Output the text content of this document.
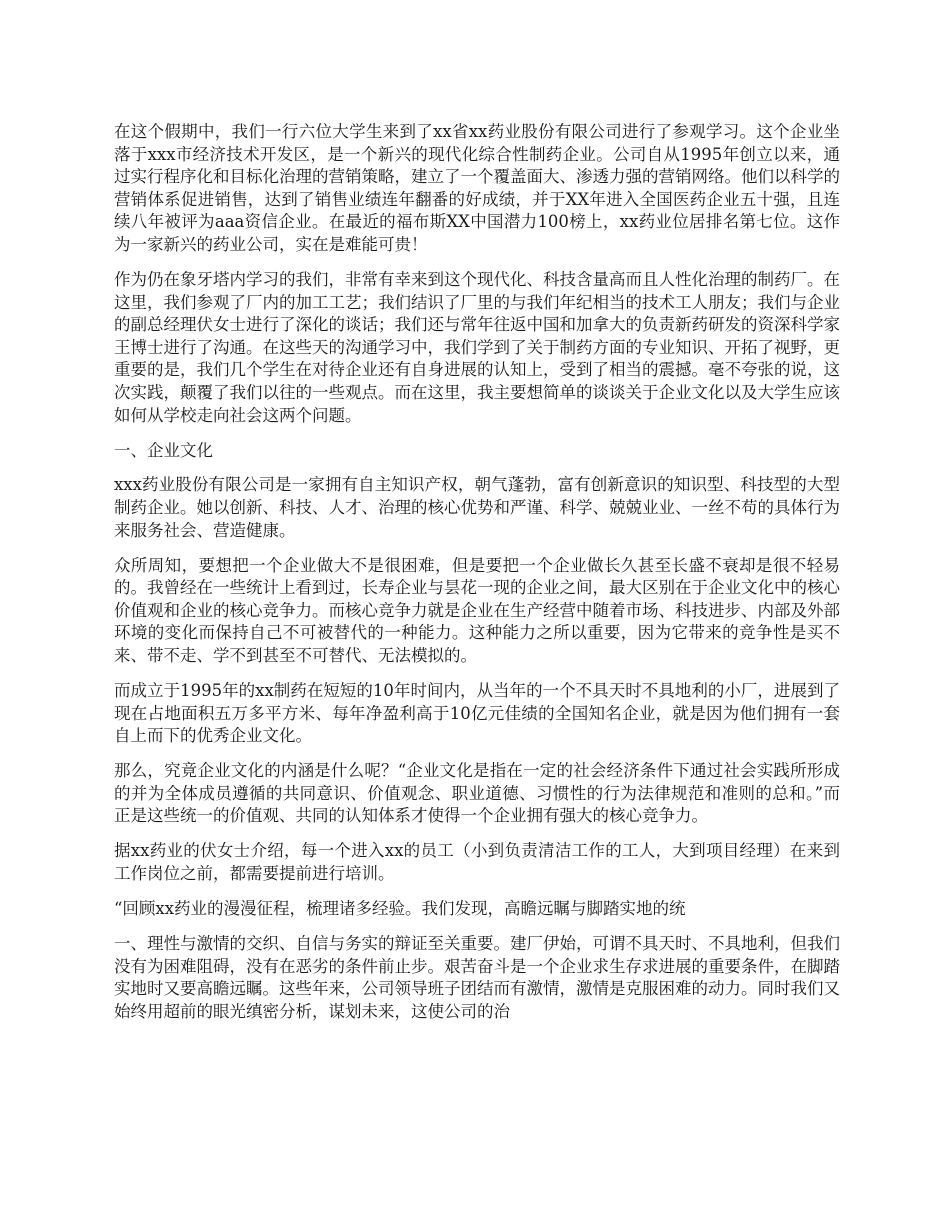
在这个假期中，我们一行六位大学生来到了xx省xx药业股份有限公司进行了参观学习。这个企业坐落于xxx市经济技术开发区，是一个新兴的现代化综合性制药企业。公司自从1995年创立以来，通过实行程序化和目标化治理的营销策略，建立了一个覆盖面大、渗透力强的营销网络。他们以科学的营销体系促进销售，达到了销售业绩连年翻番的好成绩，并于XX年进入全国医药企业五十强，且连续八年被评为aaa资信企业。在最近的福布斯XX中国潜力100榜上，xx药业位居排名第七位。这作为一家新兴的药业公司，实在是难能可贵！

作为仍在象牙塔内学习的我们，非常有幸来到这个现代化、科技含量高而且人性化治理的制药厂。在这里，我们参观了厂内的加工工艺；我们结识了厂里的与我们年纪相当的技术工人朋友；我们与企业的副总经理伏女士进行了深化的谈话；我们还与常年往返中国和加拿大的负责新药研发的资深科学家王博士进行了沟通。在这些天的沟通学习中，我们学到了关于制药方面的专业知识、开拓了视野，更重要的是，我们几个学生在对待企业还有自身进展的认知上，受到了相当的震撼。毫不夸张的说，这次实践，颠覆了我们以往的一些观点。而在这里，我主要想简单的谈谈关于企业文化以及大学生应该如何从学校走向社会这两个问题。

一、企业文化

xxx药业股份有限公司是一家拥有自主知识产权，朝气蓬勃，富有创新意识的知识型、科技型的大型制药企业。她以创新、科技、人才、治理的核心优势和严谨、科学、兢兢业业、一丝不苟的具体行为来服务社会、营造健康。

众所周知，要想把一个企业做大不是很困难，但是要把一个企业做长久甚至长盛不衰却是很不轻易的。我曾经在一些统计上看到过，长寿企业与昙花一现的企业之间，最大区别在于企业文化中的核心价值观和企业的核心竞争力。而核心竞争力就是企业在生产经营中随着市场、科技进步、内部及外部环境的变化而保持自己不可被替代的一种能力。这种能力之所以重要，因为它带来的竞争性是买不来、带不走、学不到甚至不可替代、无法模拟的。

而成立于1995年的xx制药在短短的10年时间内，从当年的一个不具天时不具地利的小厂，进展到了现在占地面积五万多平方米、每年净盈利高于10亿元佳绩的全国知名企业，就是因为他们拥有一套自上而下的优秀企业文化。

那么，究竟企业文化的内涵是什么呢？“企业文化是指在一定的社会经济条件下通过社会实践所形成的并为全体成员遵循的共同意识、价值观念、职业道德、习惯性的行为法律规范和准则的总和。”而正是这些统一的价值观、共同的认知体系才使得一个企业拥有强大的核心竞争力。

据xx药业的伏女士介绍，每一个进入xx的员工（小到负责清洁工作的工人，大到项目经理）在来到工作岗位之前，都需要提前进行培训。

“回顾xx药业的漫漫征程，梳理诸多经验。我们发现，高瞻远瞩与脚踏实地的统

一、理性与激情的交织、自信与务实的辩证至关重要。建厂伊始，可谓不具天时、不具地利，但我们没有为困难阻碍，没有在恶劣的条件前止步。艰苦奋斗是一个企业求生存求进展的重要条件，在脚踏实地时又要高瞻远瞩。这些年来，公司领导班子团结而有激情，激情是克服困难的动力。同时我们又始终用超前的眼光缜密分析，谋划未来，这使公司的治
